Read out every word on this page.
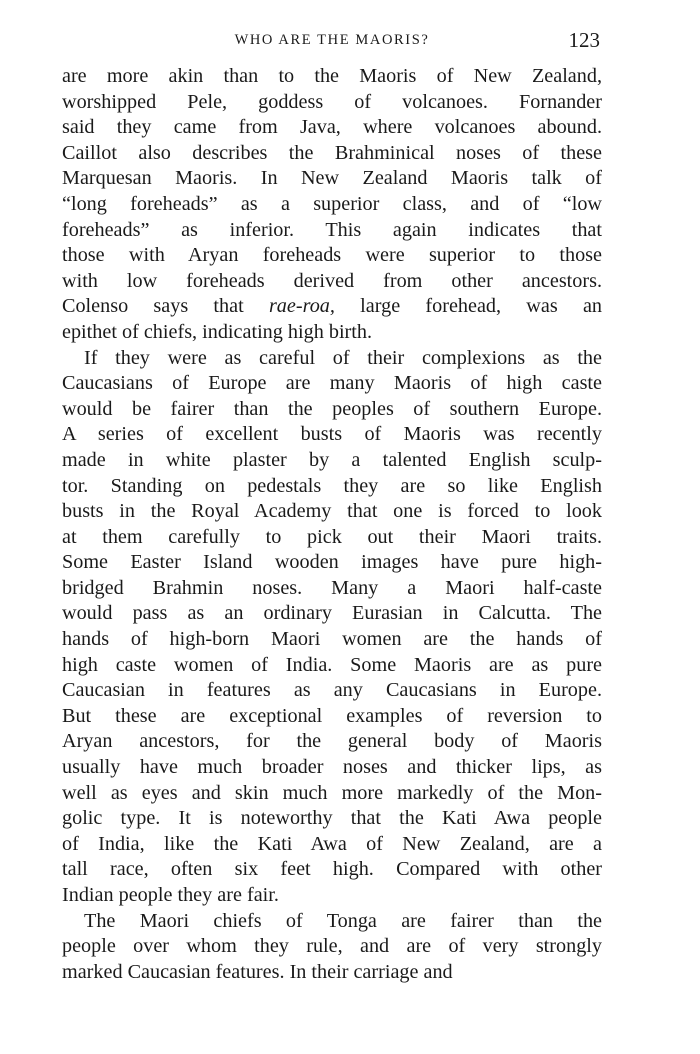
WHO ARE THE MAORIS?	123
are more akin than to the Maoris of New Zealand,
worshipped Pele, goddess of volcanoes. Fornander
said they came from Java, where volcanoes abound.
Caillot also describes the Brahminical noses of these
Marquesan Maoris. In New Zealand Maoris talk of
“long foreheads” as a superior class, and of “low
foreheads” as inferior. This again indicates that
those with Aryan foreheads were superior to those
with low foreheads derived from other ancestors.
Colenso says that rae-roa, large forehead, was an
epithet of chiefs, indicating high birth.
If they were as careful of their complexions as the
Caucasians of Europe are many Maoris of high caste
would be fairer than the peoples of southern Europe.
A series of excellent busts of Maoris was recently
made in white plaster by a talented English sculp-
tor. Standing on pedestals they are so like English
busts in the Royal Academy that one is forced to look
at them carefully to pick out their Maori traits.
Some Easter Island wooden images have pure high-
bridged Brahmin noses. Many a Maori half-caste
would pass as an ordinary Eurasian in Calcutta. The
hands of high-born Maori women are the hands of
high caste women of India. Some Maoris are as pure
Caucasian in features as any Caucasians in Europe.
But these are exceptional examples of reversion to
Aryan ancestors, for the general body of Maoris
usually have much broader noses and thicker lips, as
well as eyes and skin much more markedly of the Mon-
golic type. It is noteworthy that the Kati Awa people
of India, like the Kati Awa of New Zealand, are a
tall race, often six feet high. Compared with other
Indian people they are fair.
The Maori chiefs of Tonga are fairer than the
people over whom they rule, and are of very strongly
marked Caucasian features. In their carriage and
